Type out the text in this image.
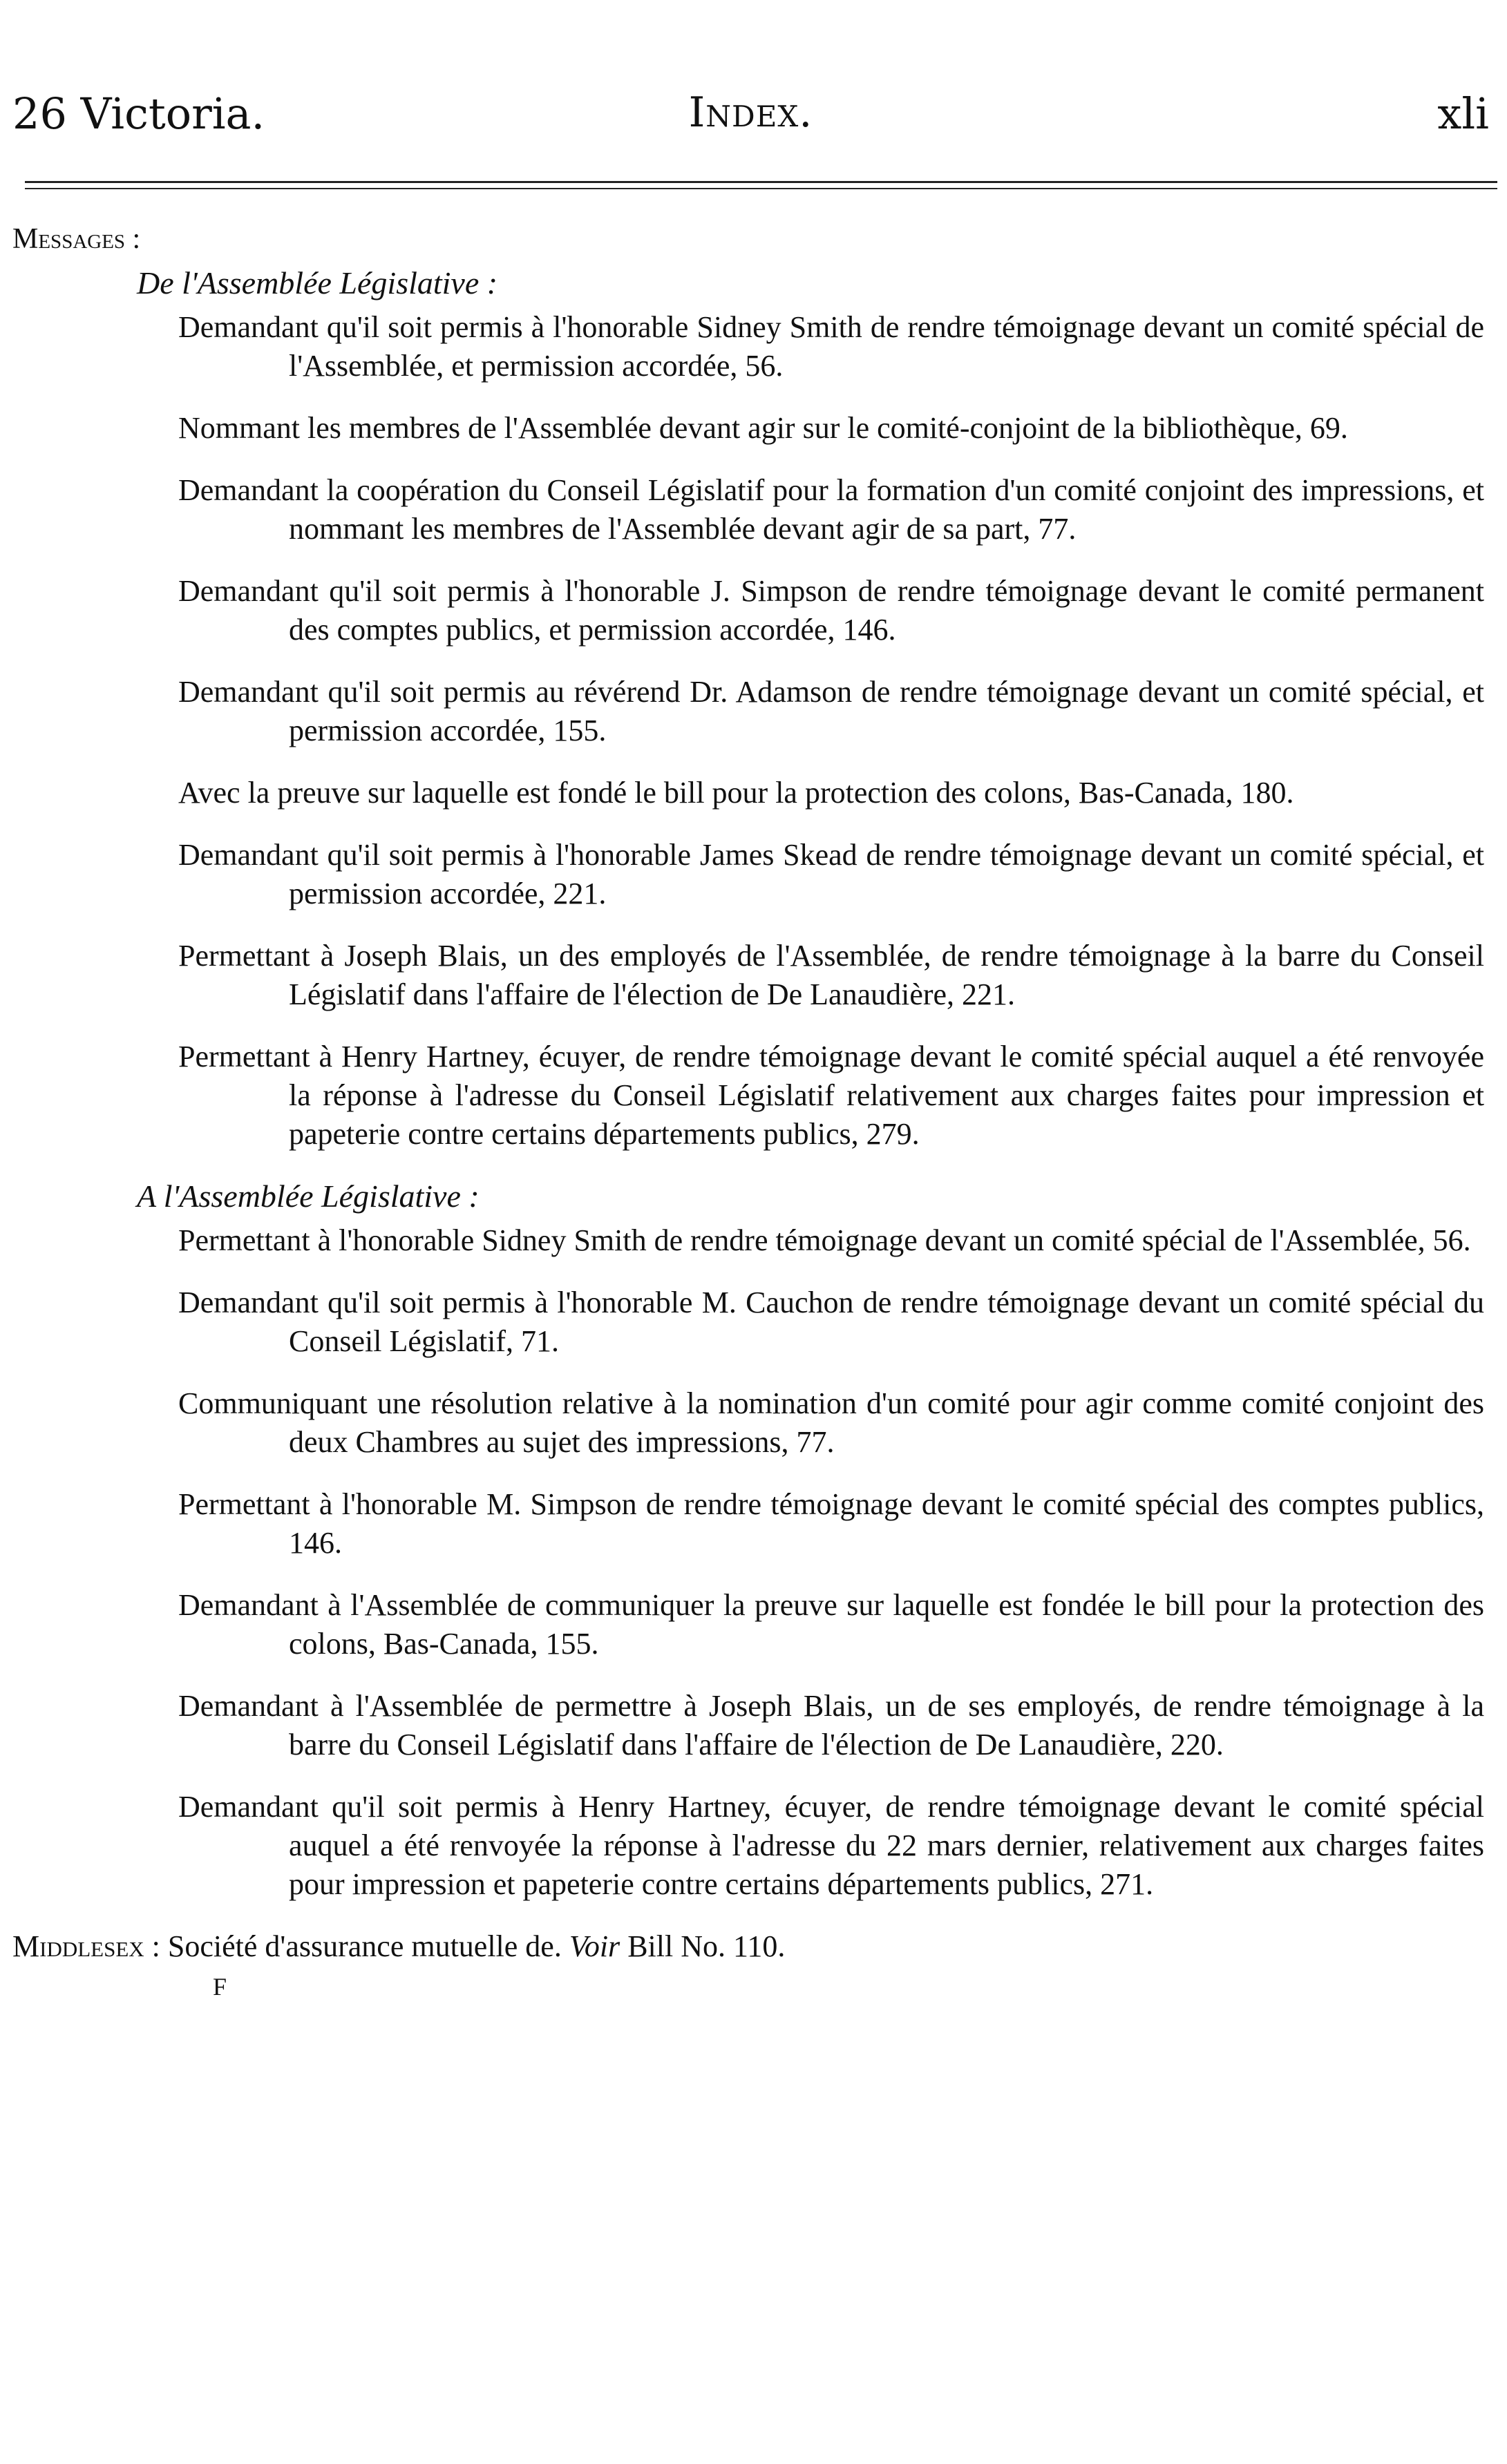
26 Victoria.	Index.	xli
Messages :
De l'Assemblée Législative :
Demandant qu'il soit permis à l'honorable Sidney Smith de rendre témoignage devant un comité spécial de l'Assemblée, et permission accordée, 56.
Nommant les membres de l'Assemblée devant agir sur le comité-conjoint de la bibliothèque, 69.
Demandant la coopération du Conseil Législatif pour la formation d'un comité conjoint des impressions, et nommant les membres de l'Assemblée devant agir de sa part, 77.
Demandant qu'il soit permis à l'honorable J. Simpson de rendre témoignage devant le comité permanent des comptes publics, et permission accordée, 146.
Demandant qu'il soit permis au révérend Dr. Adamson de rendre témoignage devant un comité spécial, et permission accordée, 155.
Avec la preuve sur laquelle est fondé le bill pour la protection des colons, Bas-Canada, 180.
Demandant qu'il soit permis à l'honorable James Skead de rendre témoignage devant un comité spécial, et permission accordée, 221.
Permettant à Joseph Blais, un des employés de l'Assemblée, de rendre témoignage à la barre du Conseil Législatif dans l'affaire de l'élection de De Lanaudière, 221.
Permettant à Henry Hartney, écuyer, de rendre témoignage devant le comité spécial auquel a été renvoyée la réponse à l'adresse du Conseil Législatif relativement aux charges faites pour impression et papeterie contre certains départements publics, 279.
A l'Assemblée Législative :
Permettant à l'honorable Sidney Smith de rendre témoignage devant un comité spécial de l'Assemblée, 56.
Demandant qu'il soit permis à l'honorable M. Cauchon de rendre témoignage devant un comité spécial du Conseil Législatif, 71.
Communiquant une résolution relative à la nomination d'un comité pour agir comme comité conjoint des deux Chambres au sujet des impressions, 77.
Permettant à l'honorable M. Simpson de rendre témoignage devant le comité spécial des comptes publics, 146.
Demandant à l'Assemblée de communiquer la preuve sur laquelle est fondée le bill pour la protection des colons, Bas-Canada, 155.
Demandant à l'Assemblée de permettre à Joseph Blais, un de ses employés, de rendre témoignage à la barre du Conseil Législatif dans l'affaire de l'élection de De Lanaudière, 220.
Demandant qu'il soit permis à Henry Hartney, écuyer, de rendre témoignage devant le comité spécial auquel a été renvoyée la réponse à l'adresse du 22 mars dernier, relativement aux charges faites pour impression et papeterie contre certains départements publics, 271.
Middlesex : Société d'assurance mutuelle de. Voir Bill No. 110.
F
